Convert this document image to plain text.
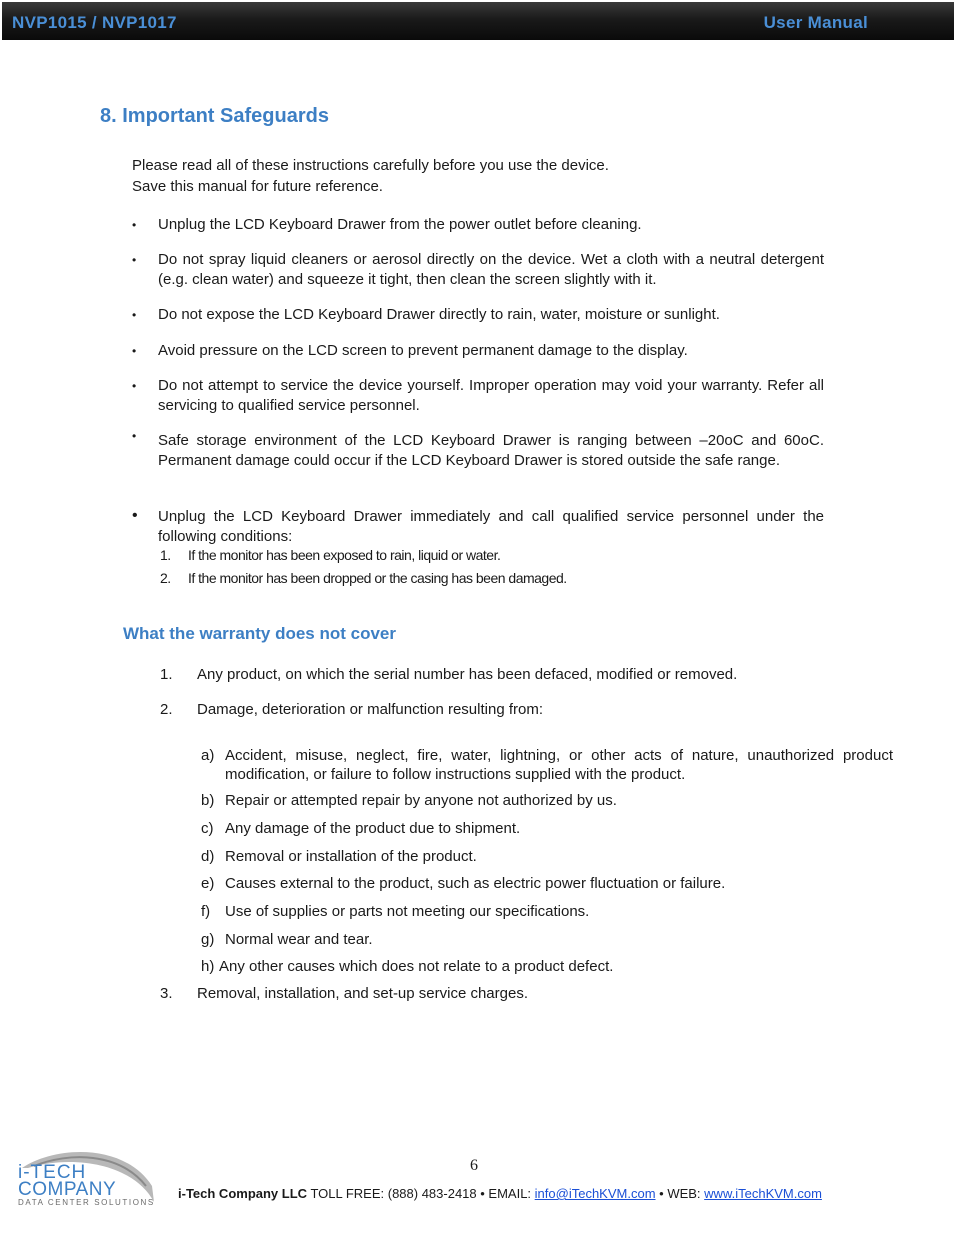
NVP1015 / NVP1017	User Manual
8. Important Safeguards
Please read all of these instructions carefully before you use the device.
Save this manual for future reference.
• Unplug the LCD Keyboard Drawer from the power outlet before cleaning.
• Do not spray liquid cleaners or aerosol directly on the device. Wet a cloth with a neutral detergent (e.g. clean water) and squeeze it tight, then clean the screen slightly with it.
• Do not expose the LCD Keyboard Drawer directly to rain, water, moisture or sunlight.
• Avoid pressure on the LCD screen to prevent permanent damage to the display.
• Do not attempt to service the device yourself. Improper operation may void your warranty. Refer all servicing to qualified service personnel.
• Safe storage environment of the LCD Keyboard Drawer is ranging between –20oC and 60oC. Permanent damage could occur if the LCD Keyboard Drawer is stored outside the safe range.
• Unplug the LCD Keyboard Drawer immediately and call qualified service personnel under the following conditions:
1. If the monitor has been exposed to rain, liquid or water.
2. If the monitor has been dropped or the casing has been damaged.
What the warranty does not cover
1. Any product, on which the serial number has been defaced, modified or removed.
2. Damage, deterioration or malfunction resulting from:
a) Accident, misuse, neglect, fire, water, lightning, or other acts of nature, unauthorized product modification, or failure to follow instructions supplied with the product.
b) Repair or attempted repair by anyone not authorized by us.
c) Any damage of the product due to shipment.
d) Removal or installation of the product.
e) Causes external to the product, such as electric power fluctuation or failure.
f) Use of supplies or parts not meeting our specifications.
g) Normal wear and tear.
h) Any other causes which does not relate to a product defect.
3. Removal, installation, and set-up service charges.
6
i-TECH
COMPANY
DATA CENTER SOLUTIONS
i-Tech Company LLC TOLL FREE: (888) 483-2418 • EMAIL: info@iTechKVM.com • WEB: www.iTechKVM.com
